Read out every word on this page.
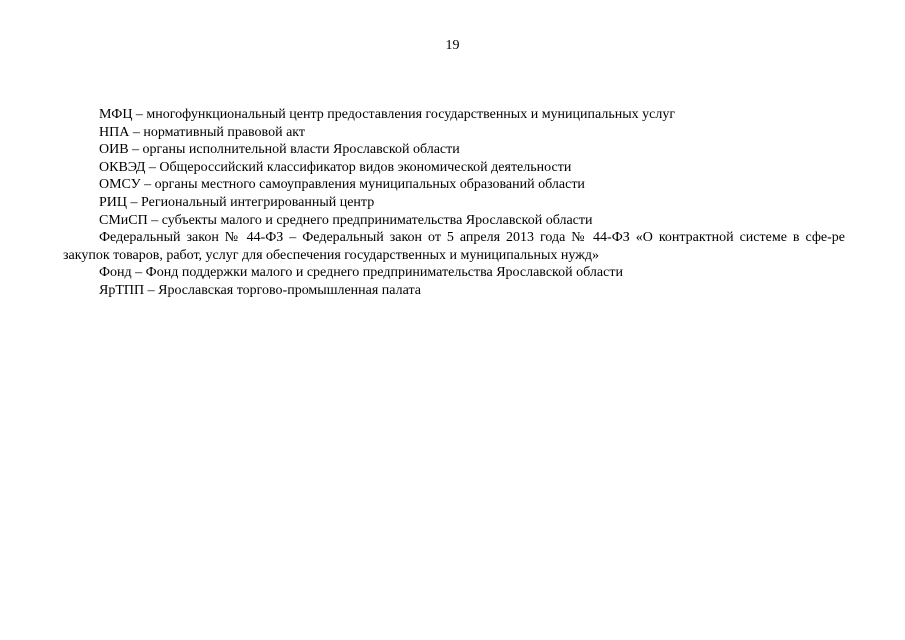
19
МФЦ – многофункциональный центр предоставления государственных и муниципальных услуг
НПА – нормативный правовой акт
ОИВ – органы исполнительной власти Ярославской области
ОКВЭД – Общероссийский классификатор видов экономической деятельности
ОМСУ – органы местного самоуправления муниципальных образований области
РИЦ – Региональный интегрированный центр
СМиСП – субъекты малого и среднего предпринимательства Ярославской области
Федеральный закон № 44-ФЗ – Федеральный закон от 5 апреля 2013 года № 44-ФЗ «О контрактной системе в сфе-ре закупок товаров, работ, услуг для обеспечения государственных и муниципальных нужд»
Фонд – Фонд поддержки малого и среднего предпринимательства Ярославской области
ЯрТПП – Ярославская торгово-промышленная палата
